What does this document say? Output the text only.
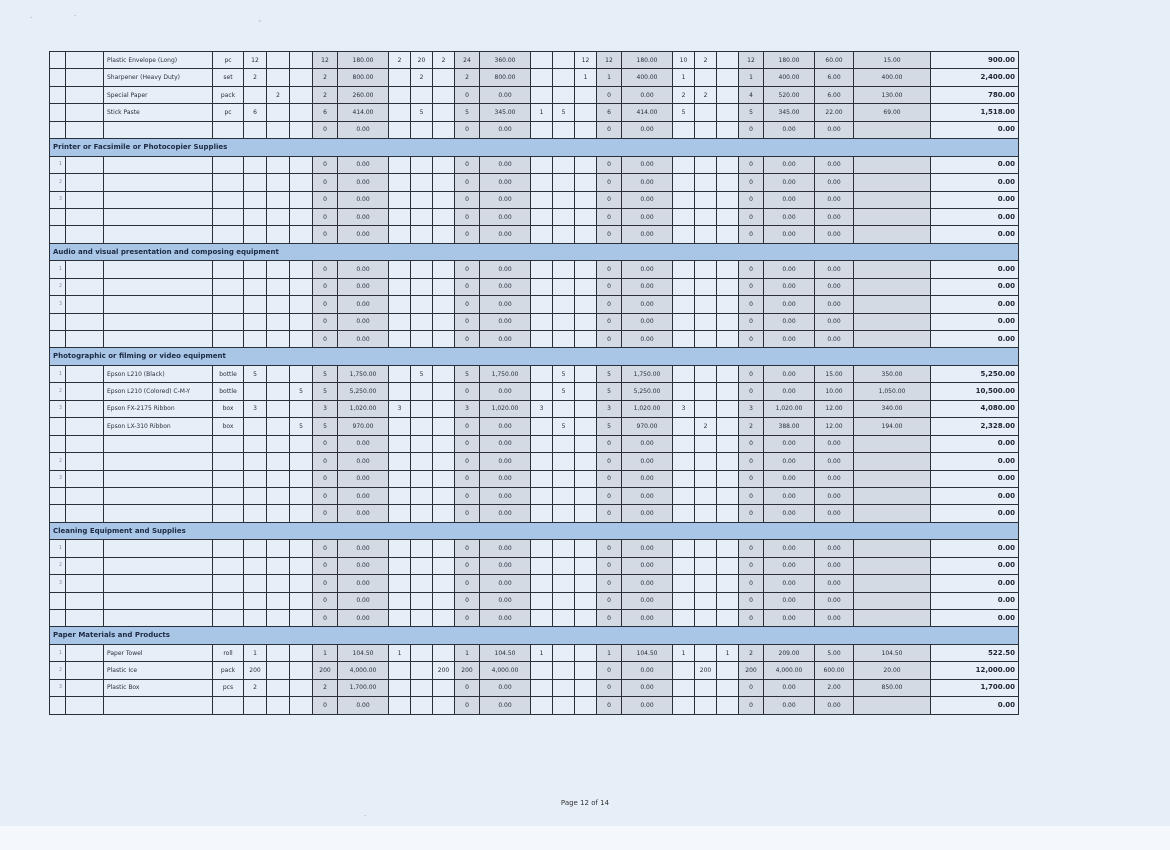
·	·
˜
·
		Plastic Envelope (Long)	pc	12			12	180.00	2	20	2	24	360.00			12	12	180.00	10	2		12	180.00	60.00	15.00	900.00
		Sharpener (Heavy Duty)	set	2			2	800.00		2		2	800.00			1	1	400.00	1			1	400.00	6.00	400.00	2,400.00
		Special Paper	pack		2		2	260.00				0	0.00				0	0.00	2	2		4	520.00	6.00	130.00	780.00
		Stick Paste	pc	6			6	414.00		5		5	345.00	1	5		6	414.00	5			5	345.00	22.00	69.00	1,518.00
							0	0.00				0	0.00				0	0.00				0	0.00	0.00		0.00
Printer or Facsimile or Photocopier Supplies																										
1							0	0.00				0	0.00				0	0.00				0	0.00	0.00		0.00
2							0	0.00				0	0.00				0	0.00				0	0.00	0.00		0.00
3							0	0.00				0	0.00				0	0.00				0	0.00	0.00		0.00
							0	0.00				0	0.00				0	0.00				0	0.00	0.00		0.00
							0	0.00				0	0.00				0	0.00				0	0.00	0.00		0.00
Audio and visual presentation and composing equipment																										
1							0	0.00				0	0.00				0	0.00				0	0.00	0.00		0.00
2							0	0.00				0	0.00				0	0.00				0	0.00	0.00		0.00
3							0	0.00				0	0.00				0	0.00				0	0.00	0.00		0.00
							0	0.00				0	0.00				0	0.00				0	0.00	0.00		0.00
							0	0.00				0	0.00				0	0.00				0	0.00	0.00		0.00
Photographic or filming or video equipment																										
1		Epson L210 (Black)	bottle	5			5	1,750.00		5		5	1,750.00		5		5	1,750.00				0	0.00	15.00	350.00	5,250.00
2		Epson L210 (Colored) C-M-Y	bottle			5	5	5,250.00				0	0.00		5		5	5,250.00				0	0.00	10.00	1,050.00	10,500.00
3		Epson FX-2175 Ribbon	box	3			3	1,020.00	3			3	1,020.00	3			3	1,020.00	3			3	1,020.00	12.00	340.00	4,080.00
		Epson LX-310 Ribbon	box			5	5	970.00				0	0.00		5		5	970.00		2		2	388.00	12.00	194.00	2,328.00
							0	0.00				0	0.00				0	0.00				0	0.00	0.00		0.00
2							0	0.00				0	0.00				0	0.00				0	0.00	0.00		0.00
3							0	0.00				0	0.00				0	0.00				0	0.00	0.00		0.00
							0	0.00				0	0.00				0	0.00				0	0.00	0.00		0.00
							0	0.00				0	0.00				0	0.00				0	0.00	0.00		0.00
Cleaning Equipment and Supplies																										
1							0	0.00				0	0.00				0	0.00				0	0.00	0.00		0.00
2							0	0.00				0	0.00				0	0.00				0	0.00	0.00		0.00
3							0	0.00				0	0.00				0	0.00				0	0.00	0.00		0.00
							0	0.00				0	0.00				0	0.00				0	0.00	0.00		0.00
							0	0.00				0	0.00				0	0.00				0	0.00	0.00		0.00
Paper Materials and Products																										
1		Paper Towel	roll	1			1	104.50	1			1	104.50	1			1	104.50	1		1	2	209.00	5.00	104.50	522.50
2		Plastic Ice	pack	200			200	4,000.00			200	200	4,000.00				0	0.00		200		200	4,000.00	600.00	20.00	12,000.00
3		Plastic Box	pcs	2			2	1,700.00				0	0.00				0	0.00				0	0.00	2.00	850.00	1,700.00
							0	0.00				0	0.00				0	0.00				0	0.00	0.00		0.00
Page 12 of 14
